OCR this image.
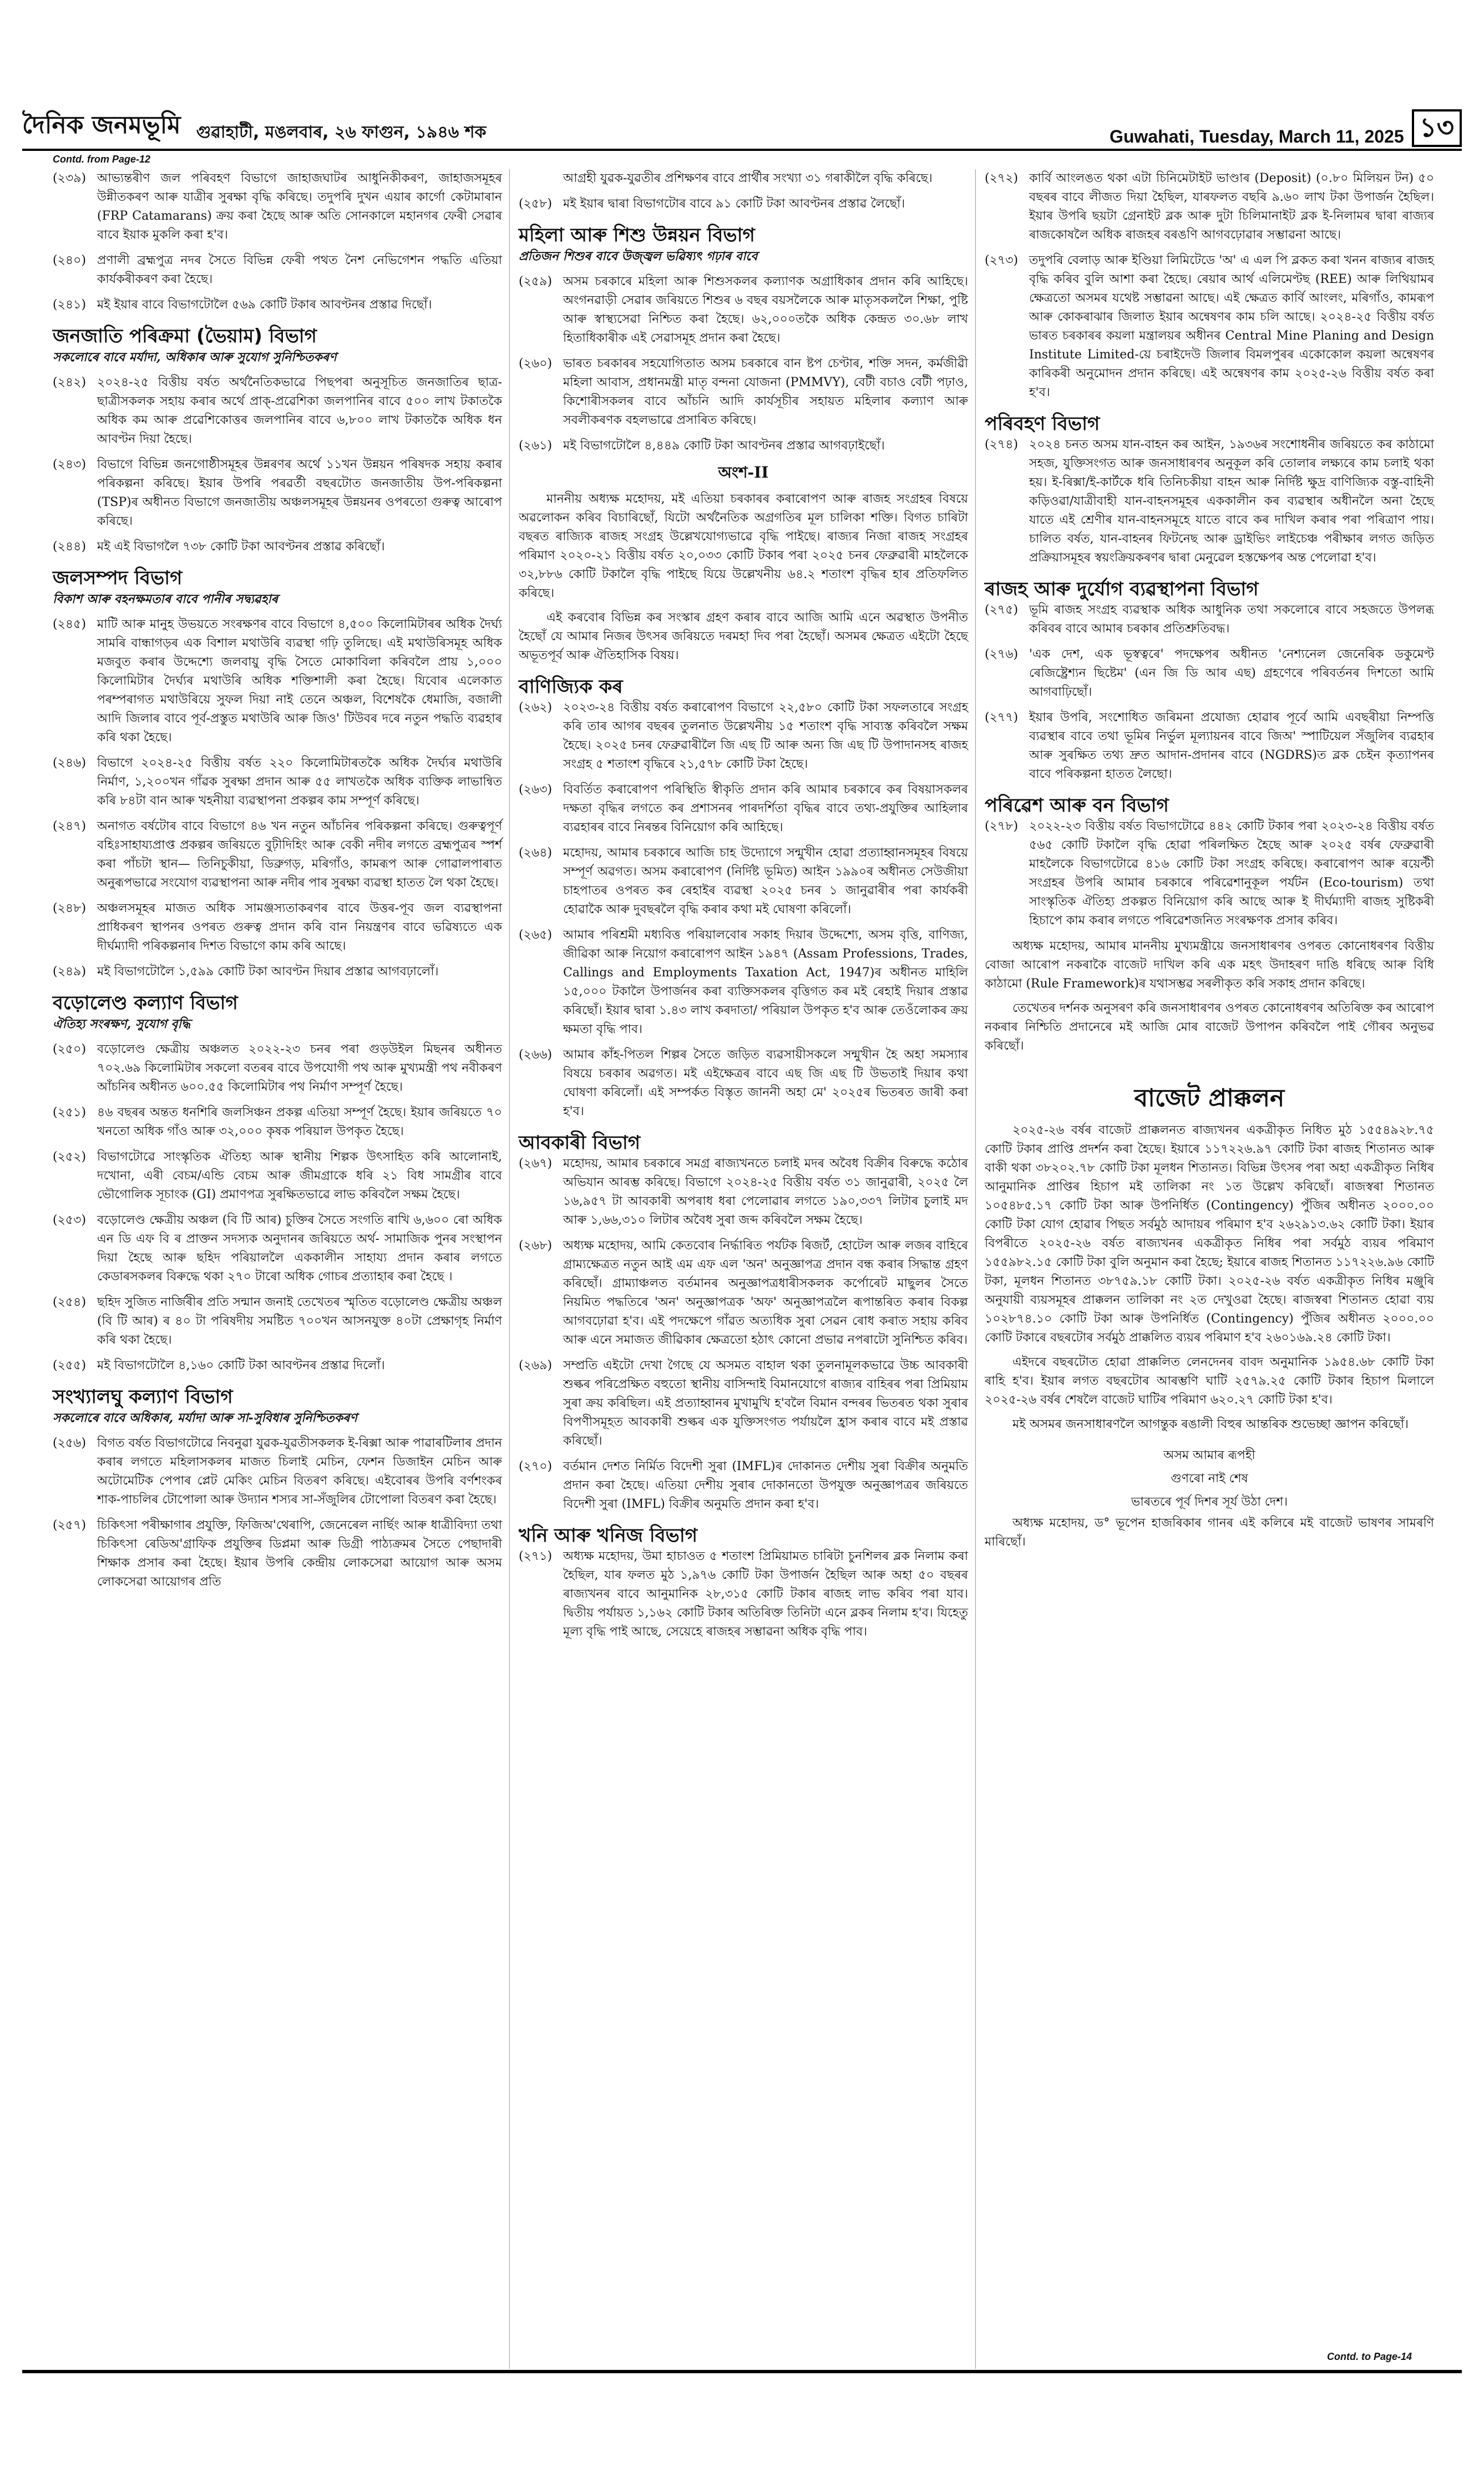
দৈনিক জনমভূমি গুৱাহাটী, মঙলবাৰ, ২৬ ফাগুন, ১৯৪৬ শক	Guwahati, Tuesday, March 11, 2025 ১৩
Contd. from Page-12
(২৩৯) আভ্যন্তৰীণ জল পৰিবহণ বিভাগে জাহাজঘাটৰ আধুনিকীকৰণ, জাহাজসমূহৰ উন্নীতকৰণ আৰু যাত্ৰীৰ সুৰক্ষা বৃদ্ধি কৰিছে। তদুপৰি দুখন এয়াৰ কাৰ্গো কেটামাৰান (FRP Catamarans) ক্ৰয় কৰা হৈছে আৰু অতি সোনকালে মহানগৰ ফেৰী সেৱাৰ বাবে ইয়াক মুকলি কৰা হ'ব।
(২৪০) প্ৰণালী ব্ৰহ্মপুত্ৰ নদৰ সৈতে বিভিন্ন ফেৰী পথত নৈশ নেভিগেশন পদ্ধতি এতিয়া কাৰ্যকৰীকৰণ কৰা হৈছে।
(২৪১) মই ইয়াৰ বাবে বিভাগটোলৈ ৫৬৯ কোটি টকাৰ আবণ্টনৰ প্ৰস্তাৱ দিছোঁ।
জনজাতি পৰিক্ৰমা (ভৈয়াম) বিভাগ
সকলোৰে বাবে মৰ্যাদা, অধিকাৰ আৰু সুযোগ সুনিশ্চিতকৰণ
(২৪২) ২০২৪-২৫ বিত্তীয় বৰ্ষত অৰ্থনৈতিকভাৱে পিছপৰা অনুসূচিত জনজাতিৰ ছাত্ৰ-ছাত্ৰীসকলক সহায় কৰাৰ অৰ্থে প্ৰাক্-প্ৰৱেশিকা জলপানিৰ বাবে ৫০০ লাখ টকাতকৈ অধিক কম আৰু প্ৰৱেশিকোত্তৰ জলপানিৰ বাবে ৬,৮০০ লাখ টকাতকৈ অধিক ধন আবণ্টন দিয়া হৈছে।
(২৪৩) বিভাগে বিভিন্ন জনগোষ্ঠীসমূহৰ উন্নৰণৰ অৰ্থে ১১খন উন্নয়ন পৰিষদক সহায় কৰাৰ পৰিকল্পনা কৰিছে। ইয়াৰ উপৰি পৰৱৰ্তী বছৰটোত জনজাতীয় উপ-পৰিকল্পনা (TSP)ৰ অধীনত বিভাগে জনজাতীয় অঞ্চলসমূহৰ উন্নয়নৰ ওপৰতো গুৰুত্ব আৰোপ কৰিছে।
(২৪৪) মই এই বিভাগলৈ ৭৩৮ কোটি টকা আবণ্টনৰ প্ৰস্তাৱ কৰিছোঁ।
জলসম্পদ বিভাগ
বিকাশ আৰু বহনক্ষমতাৰ বাবে পানীৰ সদ্ব্যৱহাৰ
(২৪৫) মাটি আৰু মানুহ উভয়তে সংৰক্ষণৰ বাবে বিভাগে ৪,৫০০ কিলোমিটাৰৰ অধিক দৈৰ্ঘ্য সামৰি বান্ধাগড়ৰ এক বিশাল মথাউৰি ব্যৱস্থা গঢ়ি তুলিছে। এই মথাউৰিসমূহ অধিক মজবুত কৰাৰ উদ্দেশ্যে জলবায়ু বৃদ্ধি সৈতে মোকাবিলা কৰিবলৈ প্ৰায় ১,০০০ কিলোমিটাৰ দৈৰ্ঘ্যৰ মথাউৰি অধিক শক্তিশালী কৰা হৈছে। যিবোৰ এলেকাত পৰম্পৰাগত মথাউৰিয়ে সুফল দিয়া নাই তেনে অঞ্চল, বিশেষকৈ ধেমাজি, বজালী আদি জিলাৰ বাবে পূৰ্ব-প্ৰস্তুত মথাউৰি আৰু জিও' টিউবৰ দৰে নতুন পদ্ধতি ব্যৱহাৰ কৰি থকা হৈছে।
(২৪৬) বিভাগে ২০২৪-২৫ বিত্তীয় বৰ্ষত ২২০ কিলোমিটাৰতকৈ অধিক দৈৰ্ঘ্যৰ মথাউৰি নিৰ্মাণ, ১,২০০খন গাঁৱক সুৰক্ষা প্ৰদান আৰু ৫৫ লাখতকৈ অধিক ব্যক্তিক লাভান্বিত কৰি ৮৪টা বান আৰু খহনীয়া ব্যৱস্থাপনা প্ৰকল্পৰ কাম সম্পূৰ্ণ কৰিছে।
(২৪৭) অনাগত বৰ্ষটোৰ বাবে বিভাগে ৪৬ খন নতুন আঁচনিৰ পৰিকল্পনা কৰিছে। গুৰুত্বপূৰ্ণ বহিঃসাহায্যপ্ৰাপ্ত প্ৰকল্পৰ জৰিয়তে বুঢ়ীদিহিং আৰু বেকী নদীৰ লগতে ব্ৰহ্মপুত্ৰৰ স্পৰ্শ কৰা পাঁচটা স্থান— তিনিচুকীয়া, ডিব্ৰুগড়, মৰিগাঁও, কামৰূপ আৰু গোৱালপাৰাত অনুৰূপভাৱে সংযোগ ব্যৱস্থাপনা আৰু নদীৰ পাৰ সুৰক্ষা ব্যৱস্থা হাতত লৈ থকা হৈছে।
(২৪৮) অঞ্চলসমূহৰ মাজত অধিক সামঞ্জস্যতাকৰণৰ বাবে উত্তৰ-পূব জল ব্যৱস্থাপনা প্ৰাধিকৰণ স্থাপনৰ ওপৰত গুৰুত্ব প্ৰদান কৰি বান নিয়ন্ত্ৰণৰ বাবে ভৱিষ্যতে এক দীৰ্ঘম্যাদী পৰিকল্পনাৰ দিশত বিভাগে কাম কৰি আছে।
(২৪৯) মই বিভাগটোলৈ ১,৫৯৯ কোটি টকা আবণ্টন দিয়াৰ প্ৰস্তাৱ আগবঢ়ালোঁ।
বড়োলেণ্ড কল্যাণ বিভাগ
ঐতিহ্য সংৰক্ষণ, সুযোগ বৃদ্ধি
(২৫০) বড়োলেণ্ড ক্ষেত্ৰীয় অঞ্চলত ২০২২-২৩ চনৰ পৰা গুড়উইল মিছনৰ অধীনত ৭০২.৬৯ কিলোমিটাৰ সকলো বতৰৰ বাবে উপযোগী পথ আৰু মুখ্যমন্ত্ৰী পথ নবীকৰণ আঁচনিৰ অধীনত ৬০০.৫৫ কিলোমিটাৰ পথ নিৰ্মাণ সম্পূৰ্ণ হৈছে।
(২৫১) ৪৬ বছৰৰ অন্তত ধনশিৰি জলসিঞ্চন প্ৰকল্প এতিয়া সম্পূৰ্ণ হৈছে। ইয়াৰ জৰিয়তে ৭০ খনতো অধিক গাঁও আৰু ৩২,০০০ কৃষক পৰিয়াল উপকৃত হৈছে।
(২৫২) বিভাগটোৱে সাংস্কৃতিক ঐতিহ্য আৰু স্থানীয় শিল্পক উৎসাহিত কৰি আলোনাই, দখোনা, এৰী বেচম/এন্ডি বেচম আৰু জীমগ্ৰাকে ধৰি ২১ বিধ সামগ্ৰীৰ বাবে ভৌগোলিক সূচাংক (GI) প্ৰমাণপত্ৰ সুৰক্ষিতভাৱে লাভ কৰিবলৈ সক্ষম হৈছে।
(২৫৩) বড়োলেণ্ড ক্ষেত্ৰীয় অঞ্চল (বি টি আৰ) চুক্তিৰ সৈতে সংগতি ৰাখি ৬,৬০০ ৰো অধিক এন ডি এফ বি ৰ প্ৰাক্তন সদস্যক অনুদানৰ জৰিয়তে অৰ্থ- সামাজিক পুনৰ সংস্থাপন দিয়া হৈছে আৰু ছহিদ পৰিয়াললৈ এককালীন সাহায্য প্ৰদান কৰাৰ লগতে কেডাৰসকলৰ বিৰুদ্ধে থকা ২৭০ টাৰো অধিক গোচৰ প্ৰত্যাহাৰ কৰা হৈছে ।
(২৫৪) ছহিদ সুজিত নাৰ্জিৰীৰ প্ৰতি সন্মান জনাই তেখেতৰ স্মৃতিত বড়োলেণ্ড ক্ষেত্ৰীয় অঞ্চল (বি টি আৰ) ৰ ৪০ টা পৰিষদীয় সমষ্টিত ৭০০খন আসনযুক্ত ৪০টা প্ৰেক্ষাগৃহ নিৰ্মাণ কৰি থকা হৈছে।
(২৫৫) মই বিভাগটোলৈ ৪,১৬০ কোটি টকা আবণ্টনৰ প্ৰস্তাৱ দিলোঁ।
সংখ্যালঘু কল্যাণ বিভাগ
সকলোৰে বাবে অধিকাৰ, মৰ্যাদা আৰু সা-সুবিধাৰ সুনিশ্চিতকৰণ
(২৫৬) বিগত বৰ্ষত বিভাগটোৱে নিবনুৱা যুৱক-যুৱতীসকলক ই-ৰিক্সা আৰু পাৱাৰটিলাৰ প্ৰদান কৰাৰ লগতে মহিলাসকলৰ মাজত চিলাই মেচিন, ফেশন ডিজাইন মেচিন আৰু অটোমেটিক পেপাৰ প্লেট মেকিং মেচিন বিতৰণ কৰিছে। এইবোৰৰ উপৰি বৰ্ণশংকৰ শাক-পাচলিৰ টোপোলা আৰু উদ্যান শস্যৰ সা-সঁজুলিৰ টোপোলা বিতৰণ কৰা হৈছে।
(২৫৭) চিকিৎসা পৰীক্ষাগাৰ প্ৰযুক্তি, ফিজিঅ'থেৰাপি, জেনেৰেল নাৰ্ছিং আৰু ধাত্ৰীবিদ্যা তথা চিকিৎসা ৰেডিঅ'গ্ৰাফিক প্ৰযুক্তিৰ ডিপ্লমা আৰু ডিগ্ৰী পাঠ্যক্ৰমৰ সৈতে পেছাদাৰী শিক্ষাক প্ৰসাৰ কৰা হৈছে। ইয়াৰ উপৰি কেন্দ্ৰীয় লোকসেৱা আয়োগ আৰু অসম লোকসেৱা আয়োগৰ প্ৰতি
আগ্ৰহী যুৱক-যুৱতীৰ প্ৰশিক্ষণৰ বাবে প্ৰাৰ্থীৰ সংখ্যা ৩১ গৰাকীলৈ বৃদ্ধি কৰিছে।
(২৫৮) মই ইয়াৰ দ্বাৰা বিভাগটোৰ বাবে ৯১ কোটি টকা আবণ্টনৰ প্ৰস্তাৱ লৈছোঁ।
মহিলা আৰু শিশু উন্নয়ন বিভাগ
প্ৰতিজন শিশুৰ বাবে উজ্জ্বল ভৱিষ্যৎ গঢ়াৰ বাবে
(২৫৯) অসম চৰকাৰে মহিলা আৰু শিশুসকলৰ কল্যাণক অগ্ৰাধিকাৰ প্ৰদান কৰি আহিছে। অংগনৱাড়ী সেৱাৰ জৰিয়তে শিশুৰ ৬ বছৰ বয়সলৈকে আৰু মাতৃসকললৈ শিক্ষা, পুষ্টি আৰু স্বাস্থ্যসেৱা নিশ্চিত কৰা হৈছে। ৬২,০০০তকৈ অধিক কেন্দ্ৰত ৩০.৬৮ লাখ হিতাধিকাৰীক এই সেৱাসমূহ প্ৰদান কৰা হৈছে।
(২৬০) ভাৰত চৰকাৰৰ সহযোগিতাত অসম চৰকাৰে বান ষ্টপ চেণ্টাৰ, শক্তি সদন, কৰ্মজীৱী মহিলা আবাস, প্ৰধানমন্ত্ৰী মাতৃ বন্দনা যোজনা (PMMVY), বেটী বচাও বেটী পঢ়াও, কিশোৰীসকলৰ বাবে আঁচনি আদি কাৰ্যসূচীৰ সহায়ত মহিলাৰ কল্যাণ আৰু সবলীকৰণক বহলভাৱে প্ৰসাৰিত কৰিছে।
(২৬১) মই বিভাগটোলৈ ৪,৪৪৯ কোটি টকা আবণ্টনৰ প্ৰস্তাৱ আগবঢ়াইছোঁ।
অংশ-II
মাননীয় অধ্যক্ষ মহোদয়, মই এতিয়া চৰকাৰৰ কৰাৰোপণ আৰু ৰাজহ সংগ্ৰহৰ বিষয়ে অৱলোকন কৰিব বিচাৰিছোঁ, যিটো অৰ্থনৈতিক অগ্ৰগতিৰ মূল চালিকা শক্তি। বিগত চাৰিটা বছৰত ৰাজ্যিক ৰাজহ সংগ্ৰহ উল্লেখযোগ্যভাৱে বৃদ্ধি পাইছে। ৰাজ্যৰ নিজা ৰাজহ সংগ্ৰহৰ পৰিমাণ ২০২০-২১ বিত্তীয় বৰ্ষত ২০,০৩৩ কোটি টকাৰ পৰা ২০২৫ চনৰ ফেব্ৰুৱাৰী মাহলৈকে ৩২,৮৮৬ কোটি টকালৈ বৃদ্ধি পাইছে যিয়ে উল্লেখনীয় ৬৪.২ শতাংশ বৃদ্ধিৰ হাৰ প্ৰতিফলিত কৰিছে।
এই কৰবোৰ বিভিন্ন কৰ সংস্কাৰ গ্ৰহণ কৰাৰ বাবে আজি আমি এনে অৱস্থাত উপনীত হৈছোঁ যে আমাৰ নিজৰ উৎসৰ জৰিয়তে দৰমহা দিব পৰা হৈছোঁ। অসমৰ ক্ষেত্ৰত এইটো হৈছে অভূতপূৰ্ব আৰু ঐতিহাসিক বিষয়।
বাণিজ্যিক কৰ
(২৬২) ২০২৩-২৪ বিত্তীয় বৰ্ষত কৰাৰোপণ বিভাগে ২২,৫৮০ কোটি টকা সফলতাৰে সংগ্ৰহ কৰি তাৰ আগৰ বছৰৰ তুলনাত উল্লেখনীয় ১৫ শতাংশ বৃদ্ধি সাব্যস্ত কৰিবলৈ সক্ষম হৈছে। ২০২৫ চনৰ ফেব্ৰুৱাৰীলৈ জি এছ টি আৰু অন্য জি এছ টি উপাদানসহ ৰাজহ সংগ্ৰহ ৫ শতাংশ বৃদ্ধিৰে ২১,৫৭৮ কোটি টকা হৈছে।
(২৬৩) বিবৰ্তিত কৰাৰোপণ পৰিস্থিতি স্বীকৃতি প্ৰদান কৰি আমাৰ চৰকাৰে কৰ বিষয়াসকলৰ দক্ষতা বৃদ্ধিৰ লগতে কৰ প্ৰশাসনৰ পাৰদৰ্শিতা বৃদ্ধিৰ বাবে তথ্য-প্ৰযুক্তিৰ আহিলাৰ ব্যৱহাৰৰ বাবে নিৰন্তৰ বিনিয়োগ কৰি আহিছে।
(২৬৪) মহোদয়, আমাৰ চৰকাৰে আজি চাহ উদ্যোগে সন্মুখীন হোৱা প্ৰত্যাহ্বানসমূহৰ বিষয়ে সম্পূৰ্ণ অৱগত। অসম কৰাৰোপণ (নিৰ্দিষ্ট ভূমিত) আইন ১৯৯০ৰ অধীনত সেউজীয়া চাহপাতৰ ওপৰত কৰ ৰেহাইৰ ব্যৱস্থা ২০২৫ চনৰ ১ জানুৱাৰীৰ পৰা কাৰ্যকৰী হোৱাকৈ আৰু দুবছৰলৈ বৃদ্ধি কৰাৰ কথা মই ঘোষণা কৰিলোঁ।
(২৬৫) আমাৰ পৰিশ্ৰমী মধ্যবিত্ত পৰিয়ালবোৰ সকাহ দিয়াৰ উদ্দেশ্যে, অসম বৃত্তি, বাণিজ্য, জীৱিকা আৰু নিয়োগ কৰাৰোপণ আইন ১৯৪৭ (Assam Professions, Trades, Callings and Employments Taxation Act, 1947)ৰ অধীনত মাহিলি ১৫,০০০ টকালৈ উপাৰ্জনৰ কৰা ব্যক্তিসকলৰ বৃত্তিগত কৰ মই ৰেহাই দিয়াৰ প্ৰস্তাৱ কৰিছোঁ। ইয়াৰ দ্বাৰা ১.৪৩ লাখ কৰদাতা/ পৰিয়াল উপকৃত হ'ব আৰু তেওঁলোকৰ ক্ৰয় ক্ষমতা বৃদ্ধি পাব।
(২৬৬) আমাৰ কাঁহ-পিতল শিল্পৰ সৈতে জড়িত ব্যৱসায়ীসকলে সন্মুখীন হৈ অহা সমস্যাৰ বিষয়ে চৰকাৰ অৱগত। মই এইক্ষেত্ৰৰ বাবে এছ জি এছ টি উভতাই দিয়াৰ কথা ঘোষণা কৰিলোঁ। এই সম্পৰ্কত বিস্তৃত জাননী অহা মে' ২০২৫ৰ ভিতৰত জাৰী কৰা হ'ব।
আবকাৰী বিভাগ
(২৬৭) মহোদয়, আমাৰ চৰকাৰে সমগ্ৰ ৰাজ্যখনতে চলাই মদৰ অবৈধ বিক্ৰীৰ বিৰুদ্ধে কঠোৰ অভিযান আৰম্ভ কৰিছে। বিভাগে ২০২৪-২৫ বিত্তীয় বৰ্ষত ৩১ জানুৱাৰী, ২০২৫ লৈ ১৬,৯৫৭ টা আবকাৰী অপৰাধ ধৰা পেলোৱাৰ লগতে ১৯০,৩৩৭ লিটাৰ চুলাই মদ আৰু ১,৬৬,৩১০ লিটাৰ অবৈধ সুৰা জব্দ কৰিবলৈ সক্ষম হৈছে।
(২৬৮) অধ্যক্ষ মহোদয়, আমি কেতবোৰ নিৰ্দ্ধাৰিত পৰ্যটক ৰিজৰ্ট, হোটেল আৰু লজৰ বাহিৰে গ্ৰাম্যক্ষেত্ৰত নতুন আই এম এফ এল 'অন' অনুজ্ঞাপত্ৰ প্ৰদান বন্ধ কৰাৰ সিদ্ধান্ত গ্ৰহণ কৰিছোঁ। গ্ৰাম্যাঞ্চলত বৰ্তমানৰ অনুজ্ঞাপত্ৰধাৰীসকলক কৰ্পোৰেট মাছুলৰ সৈতে নিয়মিত পদ্ধতিৰে 'অন' অনুজ্ঞাপত্ৰক 'অফ' অনুজ্ঞাপত্ৰলৈ ৰূপান্তৰিত কৰাৰ বিকল্প আগবঢ়োৱা হ'ব। এই পদক্ষেপে গাঁৱত অত্যধিক সুৰা সেৱন ৰোধ কৰাত সহায় কৰিব আৰু এনে সমাজত জীৱিকাৰ ক্ষেত্ৰতো হঠাৎ কোনো প্ৰভাৱ নপৰাটো সুনিশ্চিত কৰিব।
(২৬৯) সম্প্ৰতি এইটো দেখা গৈছে যে অসমত বাহাল থকা তুলনামূলকভাৱে উচ্চ আবকাৰী শুল্কৰ পৰিপ্ৰেক্ষিত বহুতো স্থানীয় বাসিন্দাই বিমানযোগে ৰাজ্যৰ বাহিৰৰ পৰা প্ৰিমিয়াম সুৰা ক্ৰয় কৰিছিল। এই প্ৰত্যাহ্বানৰ মুখামুখি হ'বলৈ বিমান বন্দৰৰ ভিতৰত থকা সুৰাৰ বিপণীসমূহত আবকাৰী শুল্কৰ এক যুক্তিসংগত পৰ্যায়লৈ হ্ৰাস কৰাৰ বাবে মই প্ৰস্তাৱ কৰিছোঁ।
(২৭০) বৰ্তমান দেশত নিৰ্মিত বিদেশী সুৰা (IMFL)ৰ দোকানত দেশীয় সুৰা বিক্ৰীৰ অনুমতি প্ৰদান কৰা হৈছে। এতিয়া দেশীয় সুৰাৰ দোকানতো উপযুক্ত অনুজ্ঞাপত্ৰৰ জৰিয়তে বিদেশী সুৰা (IMFL) বিক্ৰীৰ অনুমতি প্ৰদান কৰা হ'ব।
খনি আৰু খনিজ বিভাগ
(২৭১) অধ্যক্ষ মহোদয়, উমা হাচাওত ৫ শতাংশ প্ৰিমিয়ামত চাৰিটা চুনশিলৰ ব্লক নিলাম কৰা হৈছিল, যাৰ ফলত মুঠ ১,৯৭৬ কোটি টকা উপাৰ্জন হৈছিল আৰু অহা ৫০ বছৰৰ ৰাজ্যখনৰ বাবে আনুমানিক ২৮,৩১৫ কোটি টকাৰ ৰাজহ লাভ কৰিব পৰা যাব। দ্বিতীয় পৰ্যায়ত ১,১৬২ কোটি টকাৰ অতিৰিক্ত তিনিটা এনে ব্লকৰ নিলাম হ'ব। যিহেতু মূল্য বৃদ্ধি পাই আছে, সেয়েহে ৰাজহৰ সম্ভাৱনা অধিক বৃদ্ধি পাব।
(২৭২) কাৰ্বি আংলঙত থকা এটা চিনিমেটাইট ভাণ্ডাৰ (Deposit) (০.৮০ মিলিয়ন টন) ৫০ বছৰৰ বাবে লীজত দিয়া হৈছিল, যাৰফলত বছৰি ৯.৬০ লাখ টকা উপাৰ্জন হৈছিল। ইয়াৰ উপৰি ছয়টা গ্ৰেনাইট ব্লক আৰু দুটা চিলিমানাইট ব্লক ই-নিলামৰ দ্বাৰা ৰাজ্যৰ ৰাজকোষলৈ অধিক ৰাজহৰ বৰঙণি আগবঢ়োৱাৰ সম্ভাৱনা আছে।
(২৭৩) তদুপৰি বেলাড় আৰু ইণ্ডিয়া লিমিটেডে 'অ' এ এল পি ব্লকত কৰা খনন ৰাজ্যৰ ৰাজহ বৃদ্ধি কৰিব বুলি আশা কৰা হৈছে। ৰেয়াৰ আৰ্থ এলিমেণ্টছ (REE) আৰু লিথিয়ামৰ ক্ষেত্ৰতো অসমৰ যথেষ্ট সম্ভাৱনা আছে। এই ক্ষেত্ৰত কাৰ্বি আংলং, মৰিগাঁও, কামৰূপ আৰু কোকৰাঝাৰ জিলাত ইয়াৰ অন্বেষণৰ কাম চলি আছে। ২০২৪-২৫ বিত্তীয় বৰ্ষত ভাৰত চৰকাৰৰ কয়লা মন্ত্ৰালয়ৰ অধীনৰ Central Mine Planing and Design Institute Limited-য়ে চৰাইদেউ জিলাৰ বিমলপুৰৰ একোকোল কয়লা অন্বেষণৰ কাৰিকৰী অনুমোদন প্ৰদান কৰিছে। এই অন্বেষণৰ কাম ২০২৫-২৬ বিত্তীয় বৰ্ষত কৰা হ'ব।
পৰিবহণ বিভাগ
(২৭৪) ২০২৪ চনত অসম যান-বাহন কৰ আইন, ১৯৩৬ৰ সংশোধনীৰ জৰিয়তে কৰ কাঠামো সহজ, যুক্তিসংগত আৰু জনসাধাৰণৰ অনুকূল কৰি তোলাৰ লক্ষ্যৰে কাম চলাই থকা হয়। ই-ৰিক্সা/ই-কাৰ্টকে ধৰি তিনিচকীয়া বাহন আৰু নিৰ্দিষ্ট ক্ষুদ্ৰ বাণিজ্যিক বস্তু-বাহিনী কড়িওৱা/যাত্ৰীবাহী যান-বাহনসমূহৰ এককালীন কৰ ব্যৱস্থাৰ অধীনলৈ অনা হৈছে যাতে এই শ্ৰেণীৰ যান-বাহনসমূহে যাতে বাবে কৰ দাখিল কৰাৰ পৰা পৰিত্ৰাণ পায়। চালিত বৰ্ষত, যান-বাহনৰ ফিটনেছ আৰু ড্ৰাইভিং লাইচেঞ্চ পৰীক্ষাৰ লগত জড়িত প্ৰক্ৰিয়াসমূহৰ স্বয়ংক্ৰিয়কৰণৰ দ্বাৰা মেনুৱেল হস্তক্ষেপৰ অন্ত পেলোৱা হ'ব।
ৰাজহ আৰু দুৰ্যোগ ব্যৱস্থাপনা বিভাগ
(২৭৫) ভূমি ৰাজহ সংগ্ৰহ ব্যৱস্থাক অধিক আধুনিক তথা সকলোৰে বাবে সহজতে উপলব্ধ কৰিবৰ বাবে আমাৰ চৰকাৰ প্ৰতিশ্ৰুতিবদ্ধ।
(২৭৬) 'এক দেশ, এক ভূস্বত্বৰে' পদক্ষেপৰ অধীনত 'নেশ্যনেল জেনেৰিক ডকুমেণ্ট ৰেজিষ্ট্ৰেশ্যন ছিষ্টেম' (এন জি ডি আৰ এছ) গ্ৰহণেৰে পৰিবৰ্তনৰ দিশতো আমি আগবাঢ়িছোঁ।
(২৭৭) ইয়াৰ উপৰি, সংশোধিত জৰিমনা প্ৰযোজ্য হোৱাৰ পূৰ্বে আমি এবছৰীয়া নিম্পত্তি ব্যৱস্থাৰ বাবে তথা ভূমিৰ নিৰ্ভুল মূল্যায়নৰ বাবে জিঅ' স্পাটিয়েল সঁজুলিৰ ব্যৱহাৰ আৰু সুৰক্ষিত তথ্য দ্ৰুত আদান-প্ৰদানৰ বাবে (NGDRS)ত ব্লক চেইন কৃত্যাপনৰ বাবে পৰিকল্পনা হাতত লৈছো।
পৰিৱেশ আৰু বন বিভাগ
(২৭৮) ২০২২-২৩ বিত্তীয় বৰ্ষত বিভাগটোৱে ৪৪২ কোটি টকাৰ পৰা ২০২৩-২৪ বিত্তীয় বৰ্ষত ৫৬৫ কোটি টকালৈ বৃদ্ধি হোৱা পৰিলক্ষিত হৈছে আৰু ২০২৫ বৰ্ষৰ ফেব্ৰুৱাৰী মাহলৈকে বিভাগটোৱে ৪১৬ কোটি টকা সংগ্ৰহ কৰিছে। কৰাৰোপণ আৰু ৰয়েল্টী সংগ্ৰহৰ উপৰি আমাৰ চৰকাৰে পৰিৱেশানুকূল পৰ্যটন (Eco-tourism) তথা সাংস্কৃতিক ঐতিহ্য প্ৰকল্পত বিনিয়োগ কৰি আছে আৰু ই দীৰ্ঘম্যাদী ৰাজহ সুষ্টিকৰী হিচাপে কাম কৰাৰ লগতে পৰিৱেশজনিত সংৰক্ষণক প্ৰসাৰ কৰিব।
অধ্যক্ষ মহোদয়, আমাৰ মাননীয় মুখ্যমন্ত্ৰীয়ে জনসাধাৰণৰ ওপৰত কোনোধৰণৰ বিত্তীয় বোজা আৰোপ নকৰাকৈ বাজেট দাখিল কৰি এক মহৎ উদাহৰণ দাঙি ধৰিছে আৰু বিধি কাঠামো (Rule Framework)ৰ যথাসম্ভৱ সৰলীকৃত কৰি সকাহ প্ৰদান কৰিছে।
তেখেতৰ দৰ্শনক অনুসৰণ কৰি জনসাধাৰণৰ ওপৰত কোনোধৰণৰ অতিৰিক্ত কৰ আৰোপ নকৰাৰ নিশ্চিতি প্ৰদানেৰে মই আজি মোৰ বাজেট উপাপন কৰিবলৈ পাই গৌৰব অনুভৱ কৰিছোঁ।
বাজেট প্ৰাক্কলন
২০২৫-২৬ বৰ্ষৰ বাজেট প্ৰাক্কলনত ৰাজ্যখনৰ একত্ৰীকৃত নিধিত মুঠ ১৫৫৪৯২৮.৭৫ কোটি টকাৰ প্ৰাপ্তি প্ৰদৰ্শন কৰা হৈছে। ইয়াৰে ১১৭২২৬.৯৭ কোটি টকা ৰাজহ শিতানত আৰু বাকী থকা ৩৮২০২.৭৮ কোটি টকা মূলধন শিতানত। বিভিন্ন উৎসৰ পৰা অহা একত্ৰীকৃত নিধিৰ আনুমানিক প্ৰাপ্তিৰ হিচাপ মই তালিকা নং ১ত উল্লেখ কৰিছোঁ। ৰাজস্বৰা শিতানত ১০৫৪৮৫.১৭ কোটি টকা আৰু উপনিৰ্ধিত (Contingency) পুঁজিৰ অধীনত ২০০০.০০ কোটি টকা যোগ হোৱাৰ পিছত সৰ্বমুঠ আদায়ৰ পৰিমাণ হ'ব ২৬২৯১৩.৬২ কোটি টকা। ইয়াৰ বিপৰীতে ২০২৫-২৬ বৰ্ষত ৰাজ্যখনৰ একত্ৰীকৃত নিধিৰ পৰা সৰ্বমুঠ ব্যয়ৰ পৰিমাণ ১৫৫৯৮২.১৫ কোটি টকা বুলি অনুমান কৰা হৈছে; ইয়াৰে ৰাজহ শিতানত ১১৭২২৬.৯৬ কোটি টকা, মূলধন শিতানত ৩৮৭৫৯.১৮ কোটি টকা। ২০২৫-২৬ বৰ্ষত একত্ৰীকৃত নিধিৰ মঞ্জুৰি অনুযায়ী ব্যয়সমূহৰ প্ৰাক্কলন তালিকা নং ২ত দেখুওৱা হৈছে। ৰাজস্বৰা শিতানত হোৱা ব্যয় ১০২৮৭৪.১০ কোটি টকা আৰু উপনিৰ্ধিত (Contingency) পুঁজিৰ অধীনত ২০০০.০০ কোটি টকাৰে বছৰটোৰ সৰ্বমুঠ প্ৰাক্কলিত ব্যয়ৰ পৰিমাণ হ'ব ২৬০১৬৯.২৪ কোটি টকা।
এইদৰে বছৰটোত হোৱা প্ৰাক্কলিত লেনদেনৰ বাবদ অনুমানিক ১৯৫৪.৬৮ কোটি টকা ৰাহি হ'ব। ইয়াৰ লগত বছৰটোৰ আৰম্ভণি ঘাটি ২৫৭৯.২৫ কোটি টকাৰ হিচাপ মিলালে ২০২৫-২৬ বৰ্ষৰ শেষলৈ বাজেট ঘাটিৰ পৰিমাণ ৬২০.২৭ কোটি টকা হ'ব।
মই অসমৰ জনসাধাৰণলৈ আগন্তুক ৰঙালী বিহুৰ আন্তৰিক শুভেচ্ছা জ্ঞাপন কৰিছোঁ।
অসম আমাৰ ৰূপহী
গুণৰো নাই শেষ
ভাৰতৰে পূৰ্ব দিশৰ সূৰ্য উঠা দেশ।
অধ্যক্ষ মহোদয়, ড° ভূপেন হাজৰিকাৰ গানৰ এই কলিৰে মই বাজেট ভাষণৰ সামৰণি মাৰিছোঁ।
Contd. to Page-14
